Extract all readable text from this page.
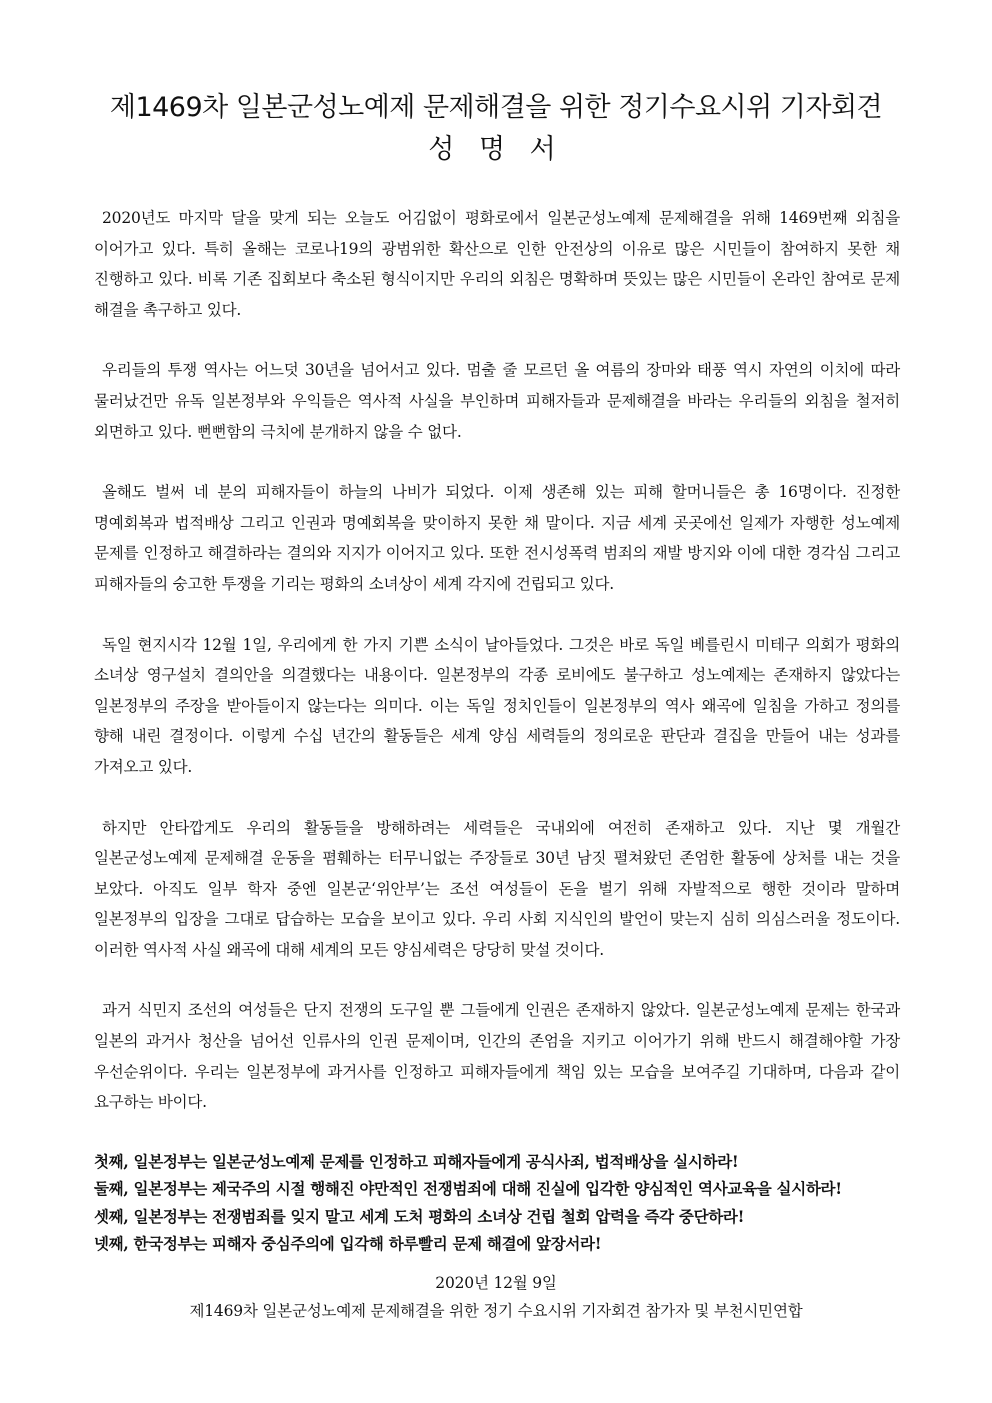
제1469차 일본군성노예제 문제해결을 위한 정기수요시위 기자회견
성 명 서

2020년도 마지막 달을 맞게 되는 오늘도 어김없이 평화로에서 일본군성노예제 문제해결을 위해 1469번째 외침을 이어가고 있다. 특히 올해는 코로나19의 광범위한 확산으로 인한 안전상의 이유로 많은 시민들이 참여하지 못한 채 진행하고 있다. 비록 기존 집회보다 축소된 형식이지만 우리의 외침은 명확하며 뜻있는 많은 시민들이 온라인 참여로 문제 해결을 촉구하고 있다.

우리들의 투쟁 역사는 어느덧 30년을 넘어서고 있다. 멈출 줄 모르던 올 여름의 장마와 태풍 역시 자연의 이치에 따라 물러났건만 유독 일본정부와 우익들은 역사적 사실을 부인하며 피해자들과 문제해결을 바라는 우리들의 외침을 철저히 외면하고 있다. 뻔뻔함의 극치에 분개하지 않을 수 없다.

올해도 벌써 네 분의 피해자들이 하늘의 나비가 되었다. 이제 생존해 있는 피해 할머니들은 총 16명이다. 진정한 명예회복과 법적배상 그리고 인권과 명예회복을 맞이하지 못한 채 말이다. 지금 세계 곳곳에선 일제가 자행한 성노예제 문제를 인정하고 해결하라는 결의와 지지가 이어지고 있다. 또한 전시성폭력 범죄의 재발 방지와 이에 대한 경각심 그리고 피해자들의 숭고한 투쟁을 기리는 평화의 소녀상이 세계 각지에 건립되고 있다.

독일 현지시각 12월 1일, 우리에게 한 가지 기쁜 소식이 날아들었다. 그것은 바로 독일 베를린시 미테구 의회가 평화의 소녀상 영구설치 결의안을 의결했다는 내용이다. 일본정부의 각종 로비에도 불구하고 성노예제는 존재하지 않았다는 일본정부의 주장을 받아들이지 않는다는 의미다. 이는 독일 정치인들이 일본정부의 역사 왜곡에 일침을 가하고 정의를 향해 내린 결정이다. 이렇게 수십 년간의 활동들은 세계 양심 세력들의 정의로운 판단과 결집을 만들어 내는 성과를 가져오고 있다.

하지만 안타깝게도 우리의 활동들을 방해하려는 세력들은 국내외에 여전히 존재하고 있다. 지난 몇 개월간 일본군성노예제 문제해결 운동을 폄훼하는 터무니없는 주장들로 30년 남짓 펼쳐왔던 존엄한 활동에 상처를 내는 것을 보았다. 아직도 일부 학자 중엔 일본군‘위안부’는 조선 여성들이 돈을 벌기 위해 자발적으로 행한 것이라 말하며 일본정부의 입장을 그대로 답습하는 모습을 보이고 있다. 우리 사회 지식인의 발언이 맞는지 심히 의심스러울 정도이다. 이러한 역사적 사실 왜곡에 대해 세계의 모든 양심세력은 당당히 맞설 것이다.

과거 식민지 조선의 여성들은 단지 전쟁의 도구일 뿐 그들에게 인권은 존재하지 않았다. 일본군성노예제 문제는 한국과 일본의 과거사 청산을 넘어선 인류사의 인권 문제이며, 인간의 존엄을 지키고 이어가기 위해 반드시 해결해야할 가장 우선순위이다. 우리는 일본정부에 과거사를 인정하고 피해자들에게 책임 있는 모습을 보여주길 기대하며, 다음과 같이 요구하는 바이다.

첫째, 일본정부는 일본군성노예제 문제를 인정하고 피해자들에게 공식사죄, 법적배상을 실시하라!
둘째, 일본정부는 제국주의 시절 행해진 야만적인 전쟁범죄에 대해 진실에 입각한 양심적인 역사교육을 실시하라!
셋째, 일본정부는 전쟁범죄를 잊지 말고 세계 도처 평화의 소녀상 건립 철회 압력을 즉각 중단하라!
넷째, 한국정부는 피해자 중심주의에 입각해 하루빨리 문제 해결에 앞장서라!

2020년 12월 9일

제1469차 일본군성노예제 문제해결을 위한 정기 수요시위 기자회견 참가자 및 부천시민연합
